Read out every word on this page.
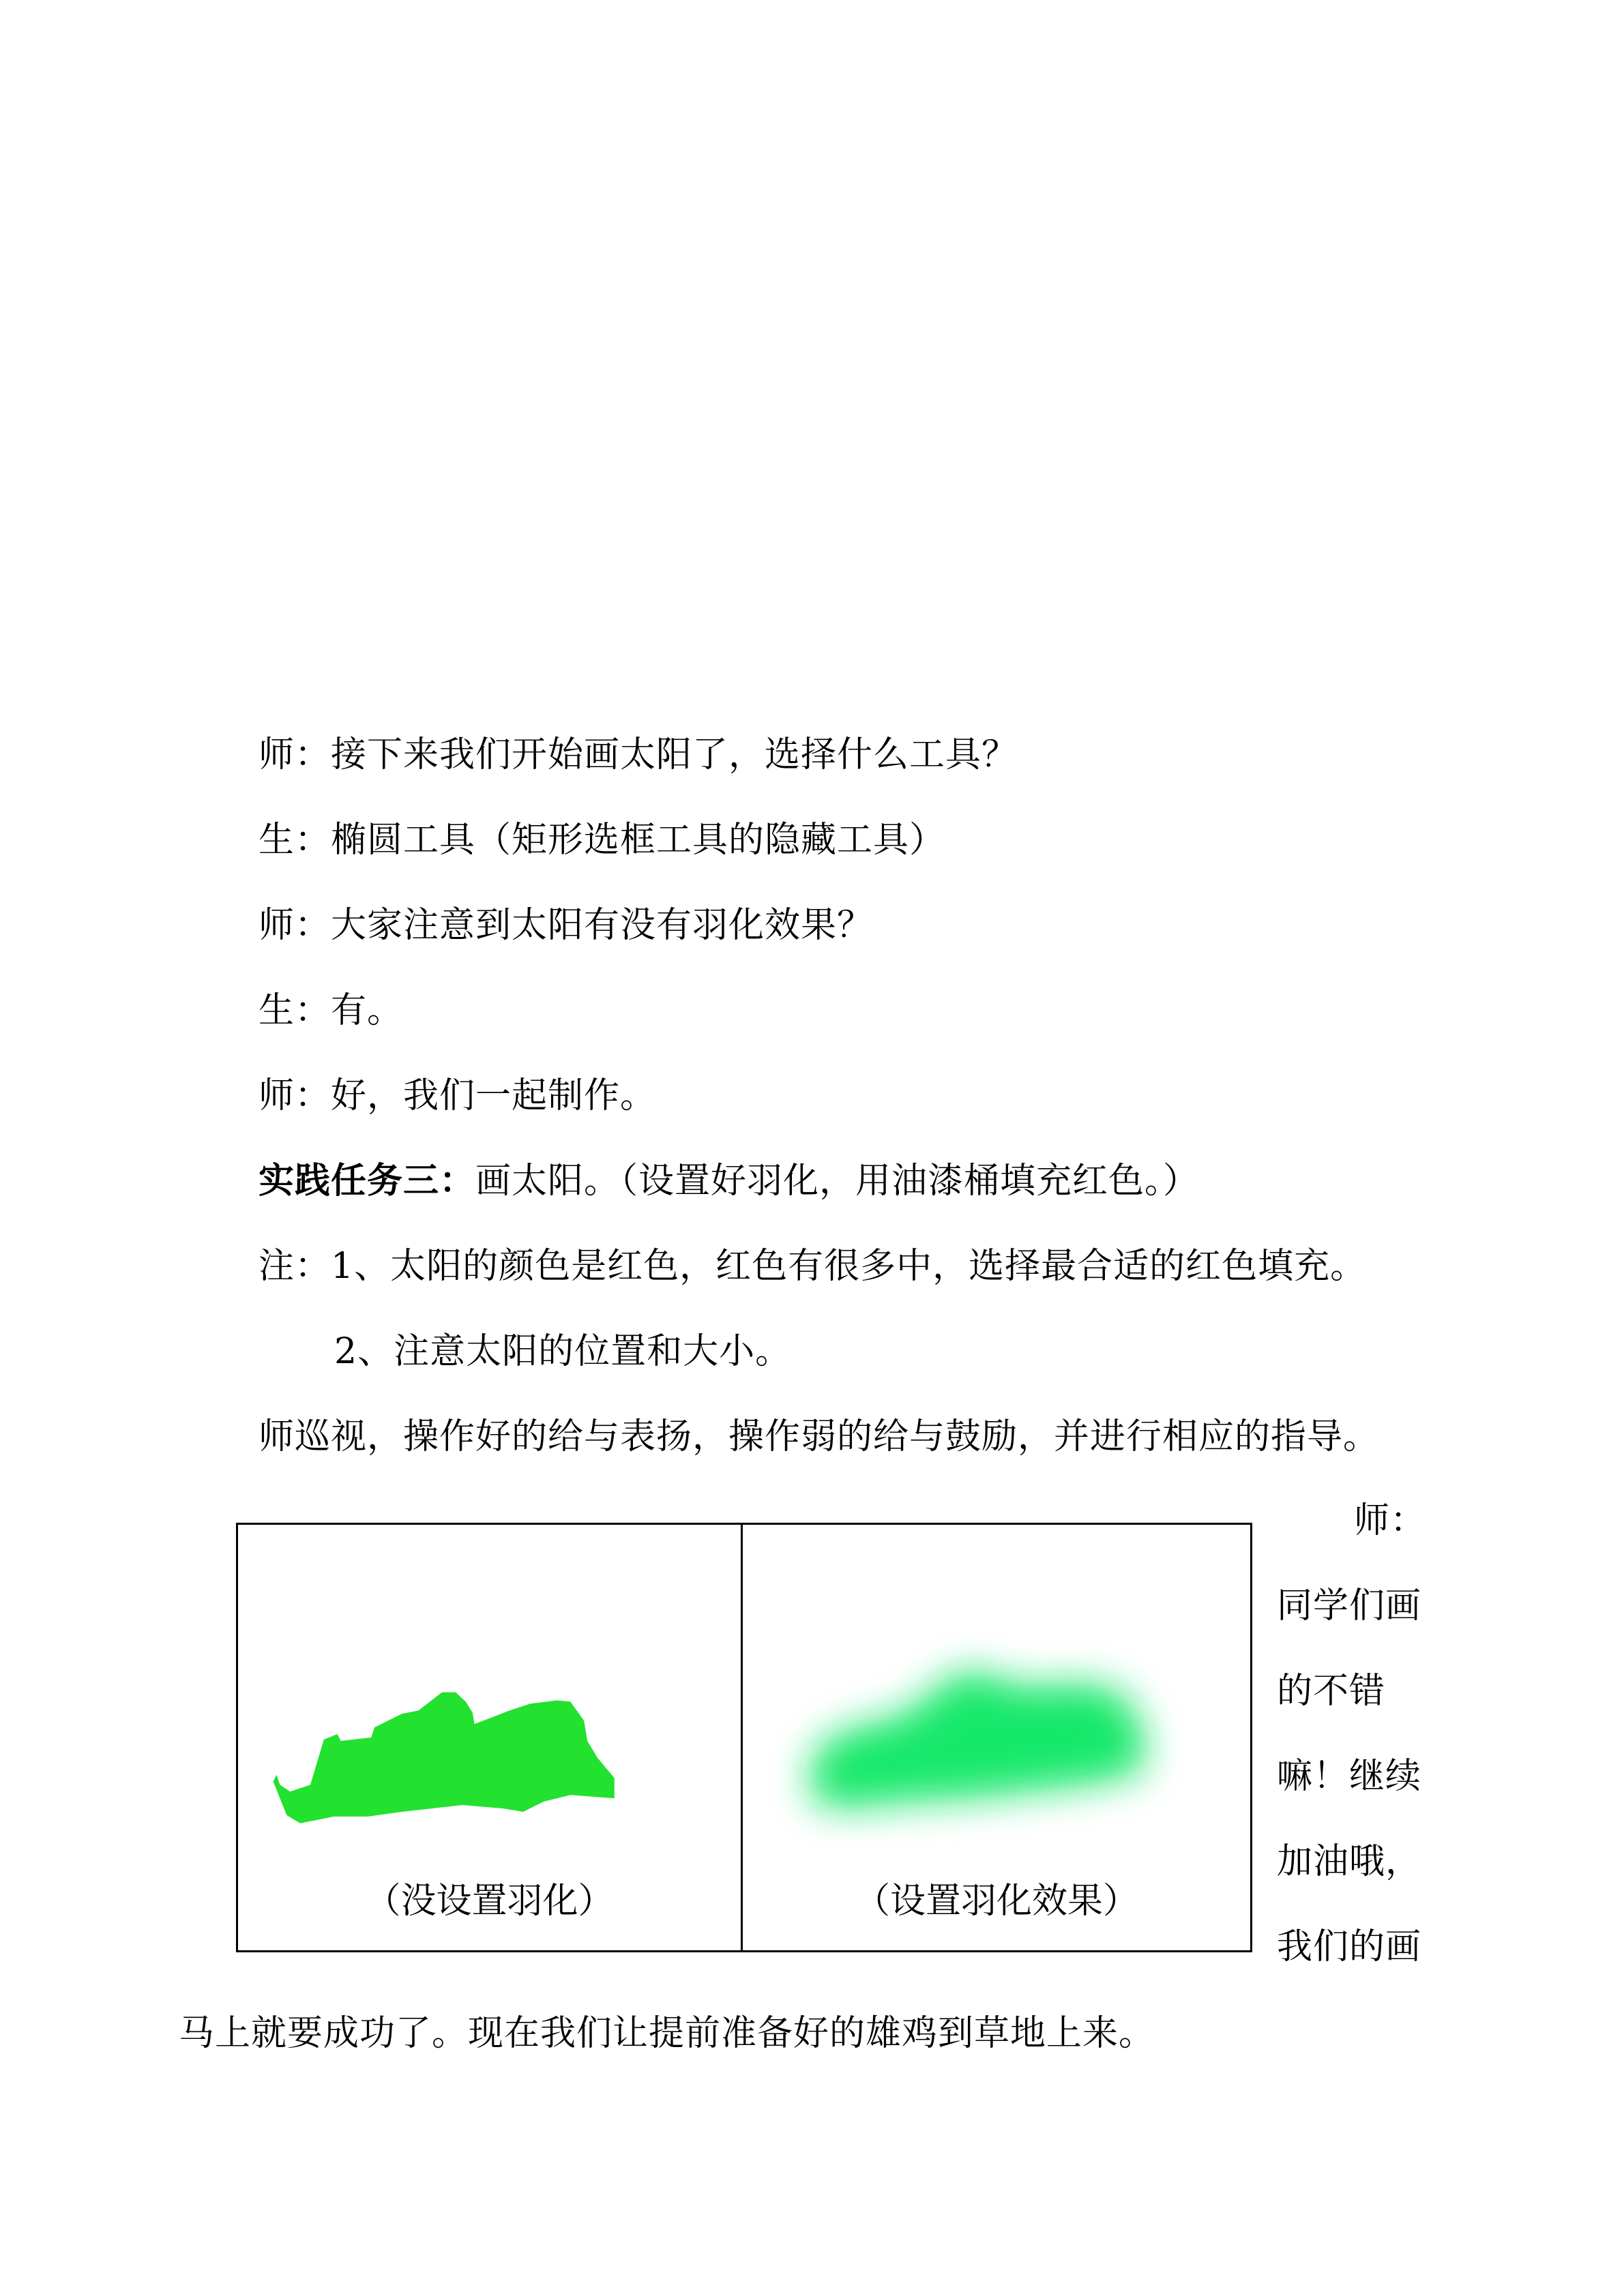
师：接下来我们开始画太阳了，选择什么工具？
生：椭圆工具（矩形选框工具的隐藏工具）
师：大家注意到太阳有没有羽化效果？
生：有。
师：好，我们一起制作。
实践任务三：画太阳。（设置好羽化，用油漆桶填充红色。）
注：1、太阳的颜色是红色，红色有很多中，选择最合适的红色填充。
2、注意太阳的位置和大小。
师巡视，操作好的给与表扬，操作弱的给与鼓励，并进行相应的指导。
（没设置羽化）	（设置羽化效果）
师：
同学们画
的不错
嘛！继续
加油哦，
我们的画
马上就要成功了。现在我们让提前准备好的雄鸡到草地上来。
